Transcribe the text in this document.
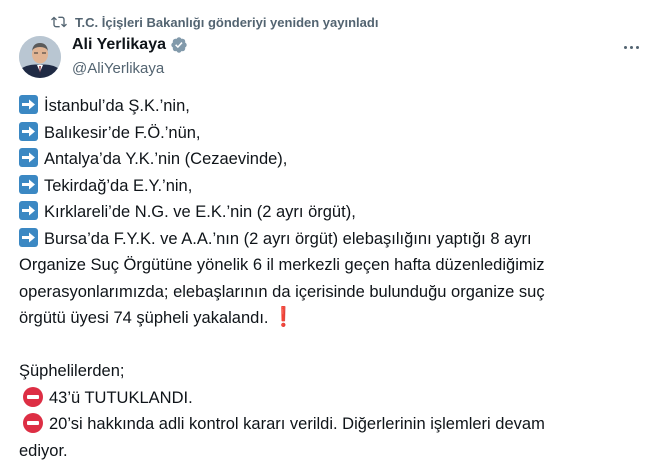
T.C. İçişleri Bakanlığı gönderiyi yeniden yayınladı
Ali Yerlikaya
@AliYerlikaya
İstanbul’da Ş.K.’nin,
Balıkesir’de F.Ö.’nün,
Antalya’da Y.K.’nin (Cezaevinde),
Tekirdağ’da E.Y.’nin,
Kırklareli’de N.G. ve E.K.’nin (2 ayrı örgüt),
Bursa’da F.Y.K. ve A.A.’nın (2 ayrı örgüt) elebaşılığını yaptığı 8 ayrı
Organize Suç Örgütüne yönelik 6 il merkezli geçen hafta düzenlediğimiz
operasyonlarımızda; elebaşlarının da içerisinde bulunduğu organize suç
örgütü üyesi 74 şüpheli yakalandı. ❗
Şüphelilerden;
43’ü TUTUKLANDI.
20’si hakkında adli kontrol kararı verildi. Diğerlerinin işlemleri devam
ediyor.
